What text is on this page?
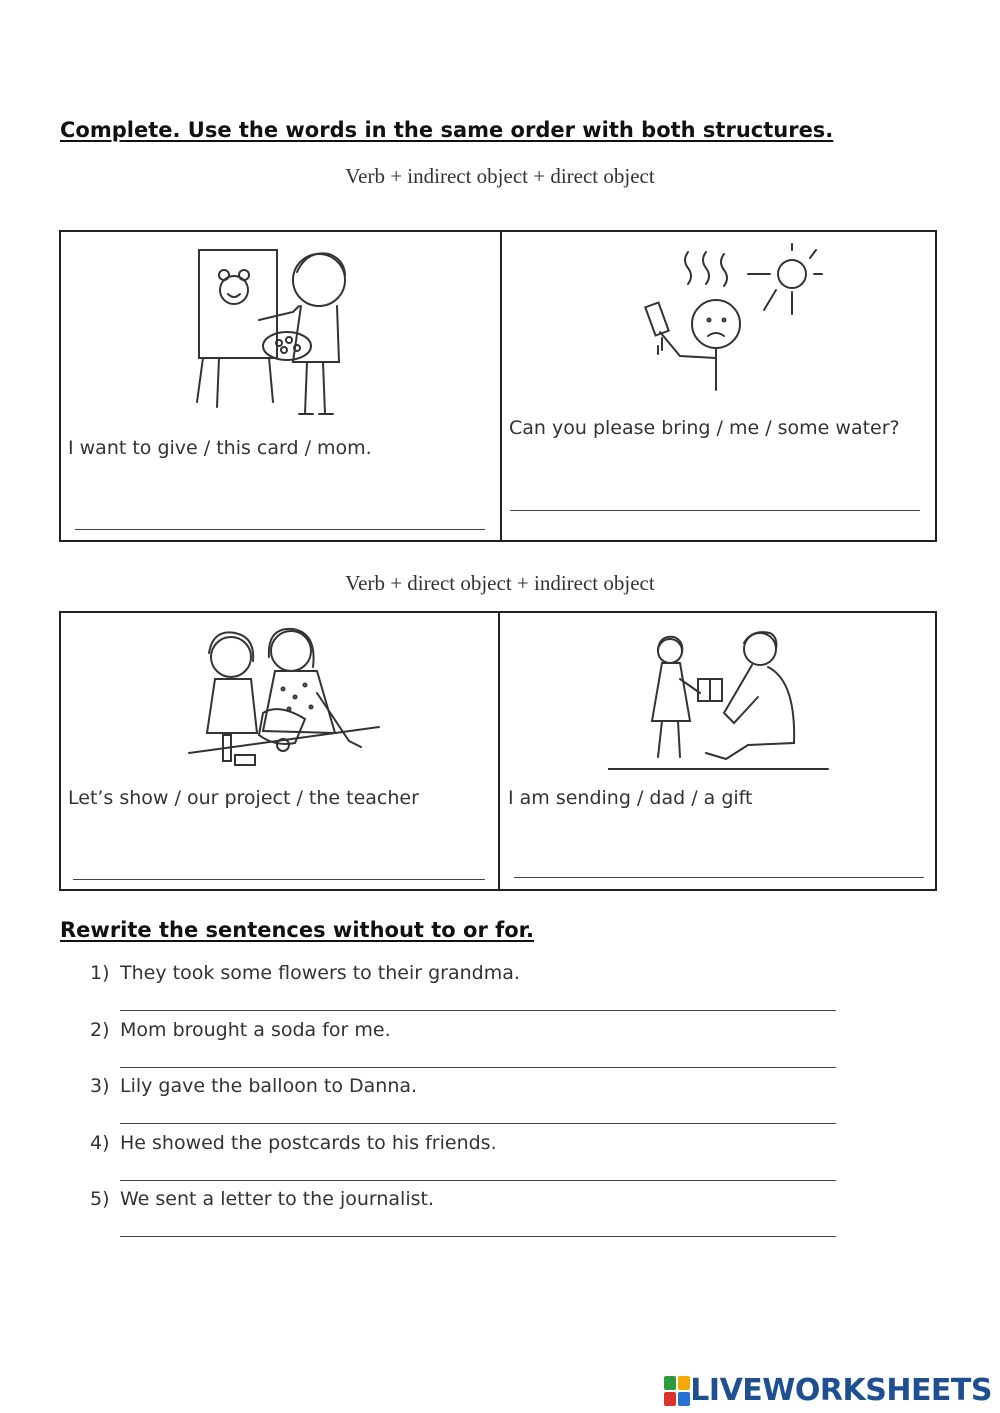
Complete. Use the words in the same order with both structures.
Verb + indirect object + direct object
I want to give / this card / mom.
Can you please bring / me / some water?
Verb + direct object + indirect object
Let’s show / our project / the teacher	I am sending / dad / a gift
Rewrite the sentences without to or for.
1) They took some flowers to their grandma.
2) Mom brought a soda for me.
3) Lily gave the balloon to Danna.
4) He showed the postcards to his friends.
5) We sent a letter to the journalist.
LIVEWORKSHEETS
